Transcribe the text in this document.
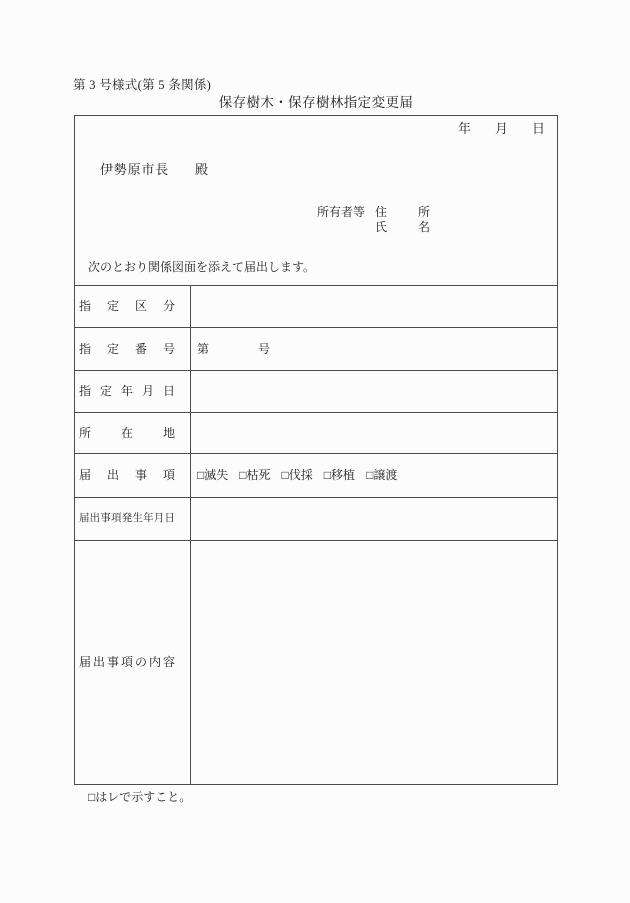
第 3 号様式(第 5 条関係)
保存樹木・保存樹林指定変更届
年 月 日
伊勢原市長 殿
所有者等 住所
氏名
次のとおり関係図面を添えて届出します。
指定区分
指定番号 第	号
指定年月日
所在地
届出事項 □ 滅失 □ 枯死 □ 伐採 □ 移植 □ 譲渡
届出事項発生年月日
届出事項の内容
□はレで示すこと。
